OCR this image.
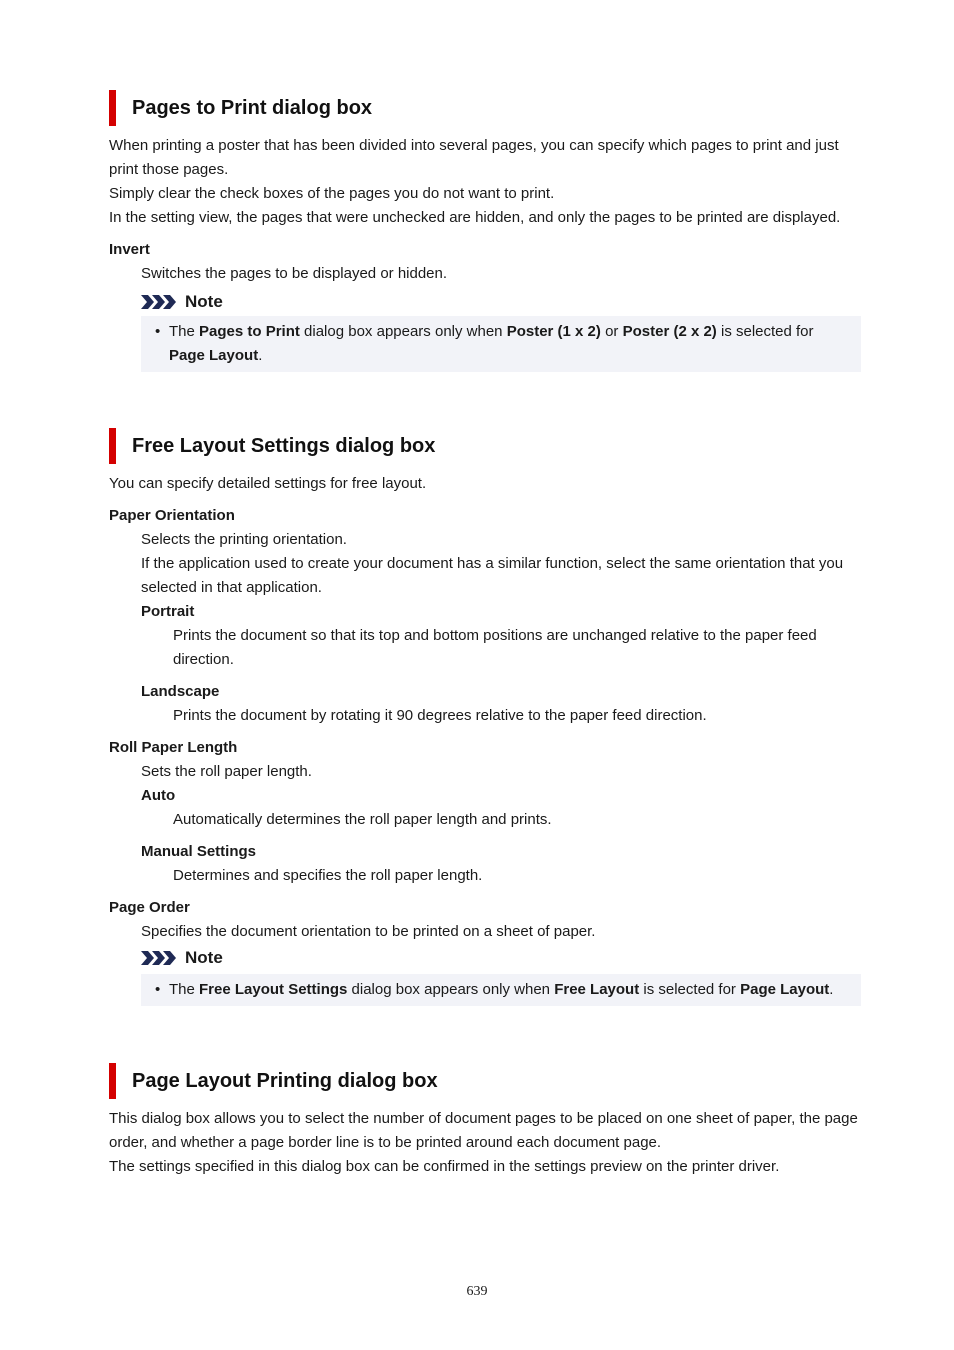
Pages to Print dialog box

When printing a poster that has been divided into several pages, you can specify which pages to print and just print those pages.

Simply clear the check boxes of the pages you do not want to print.

In the setting view, the pages that were unchecked are hidden, and only the pages to be printed are displayed.

Invert

Switches the pages to be displayed or hidden.

Note
• The Pages to Print dialog box appears only when Poster (1 x 2) or Poster (2 x 2) is selected for Page Layout.
Free Layout Settings dialog box

You can specify detailed settings for free layout.

Paper Orientation

Selects the printing orientation.

If the application used to create your document has a similar function, select the same orientation that you selected in that application.

Portrait

Prints the document so that its top and bottom positions are unchanged relative to the paper feed direction.

Landscape

Prints the document by rotating it 90 degrees relative to the paper feed direction.

Roll Paper Length

Sets the roll paper length.

Auto

Automatically determines the roll paper length and prints.

Manual Settings

Determines and specifies the roll paper length.

Page Order

Specifies the document orientation to be printed on a sheet of paper.

Note
• The Free Layout Settings dialog box appears only when Free Layout is selected for Page Layout.
Page Layout Printing dialog box

This dialog box allows you to select the number of document pages to be placed on one sheet of paper, the page order, and whether a page border line is to be printed around each document page.

The settings specified in this dialog box can be confirmed in the settings preview on the printer driver.

639
